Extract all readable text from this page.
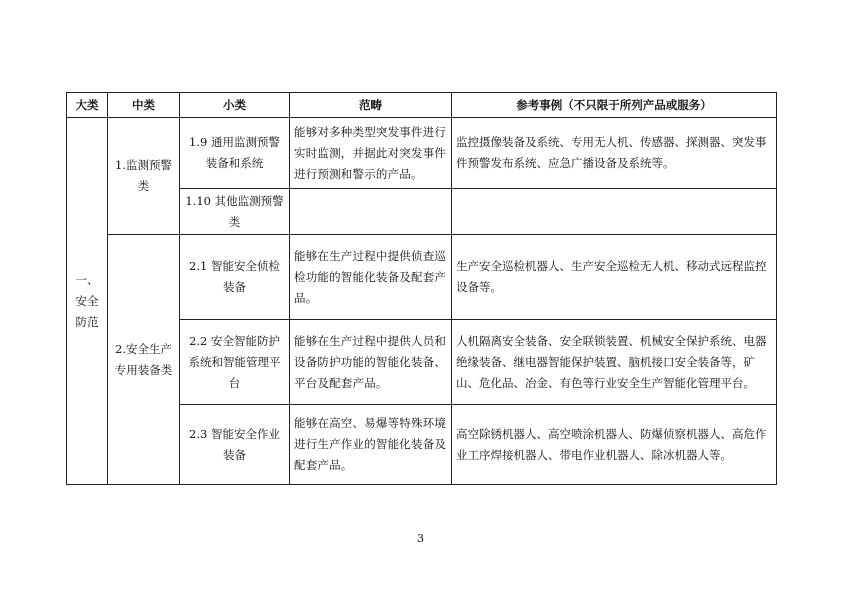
大类	中类	小类	范畴	参考事例（不只限于所列产品或服务）
一、安全防范	1.监测预警类	1.9 通用监测预警装备和系统	能够对多种类型突发事件进行实时监测，并据此对突发事件进行预测和警示的产品。	监控摄像装备及系统、专用无人机、传感器、探测器、突发事件预警发布系统、应急广播设备及系统等。
		1.10 其他监测预警类		
	2.安全生产专用装备类	2.1 智能安全侦检装备	能够在生产过程中提供侦查巡检功能的智能化装备及配套产品。	生产安全巡检机器人、生产安全巡检无人机、移动式远程监控设备等。
		2.2 安全智能防护系统和智能管理平台	能够在生产过程中提供人员和设备防护功能的智能化装备、平台及配套产品。	人机隔离安全装备、安全联锁装置、机械安全保护系统、电器绝缘装备、继电器智能保护装置、脑机接口安全装备等，矿山、危化品、冶金、有色等行业安全生产智能化管理平台。
		2.3 智能安全作业装备	能够在高空、易爆等特殊环境进行生产作业的智能化装备及配套产品。	高空除锈机器人、高空喷涂机器人、防爆侦察机器人、高危作业工序焊接机器人、带电作业机器人、除冰机器人等。
3
